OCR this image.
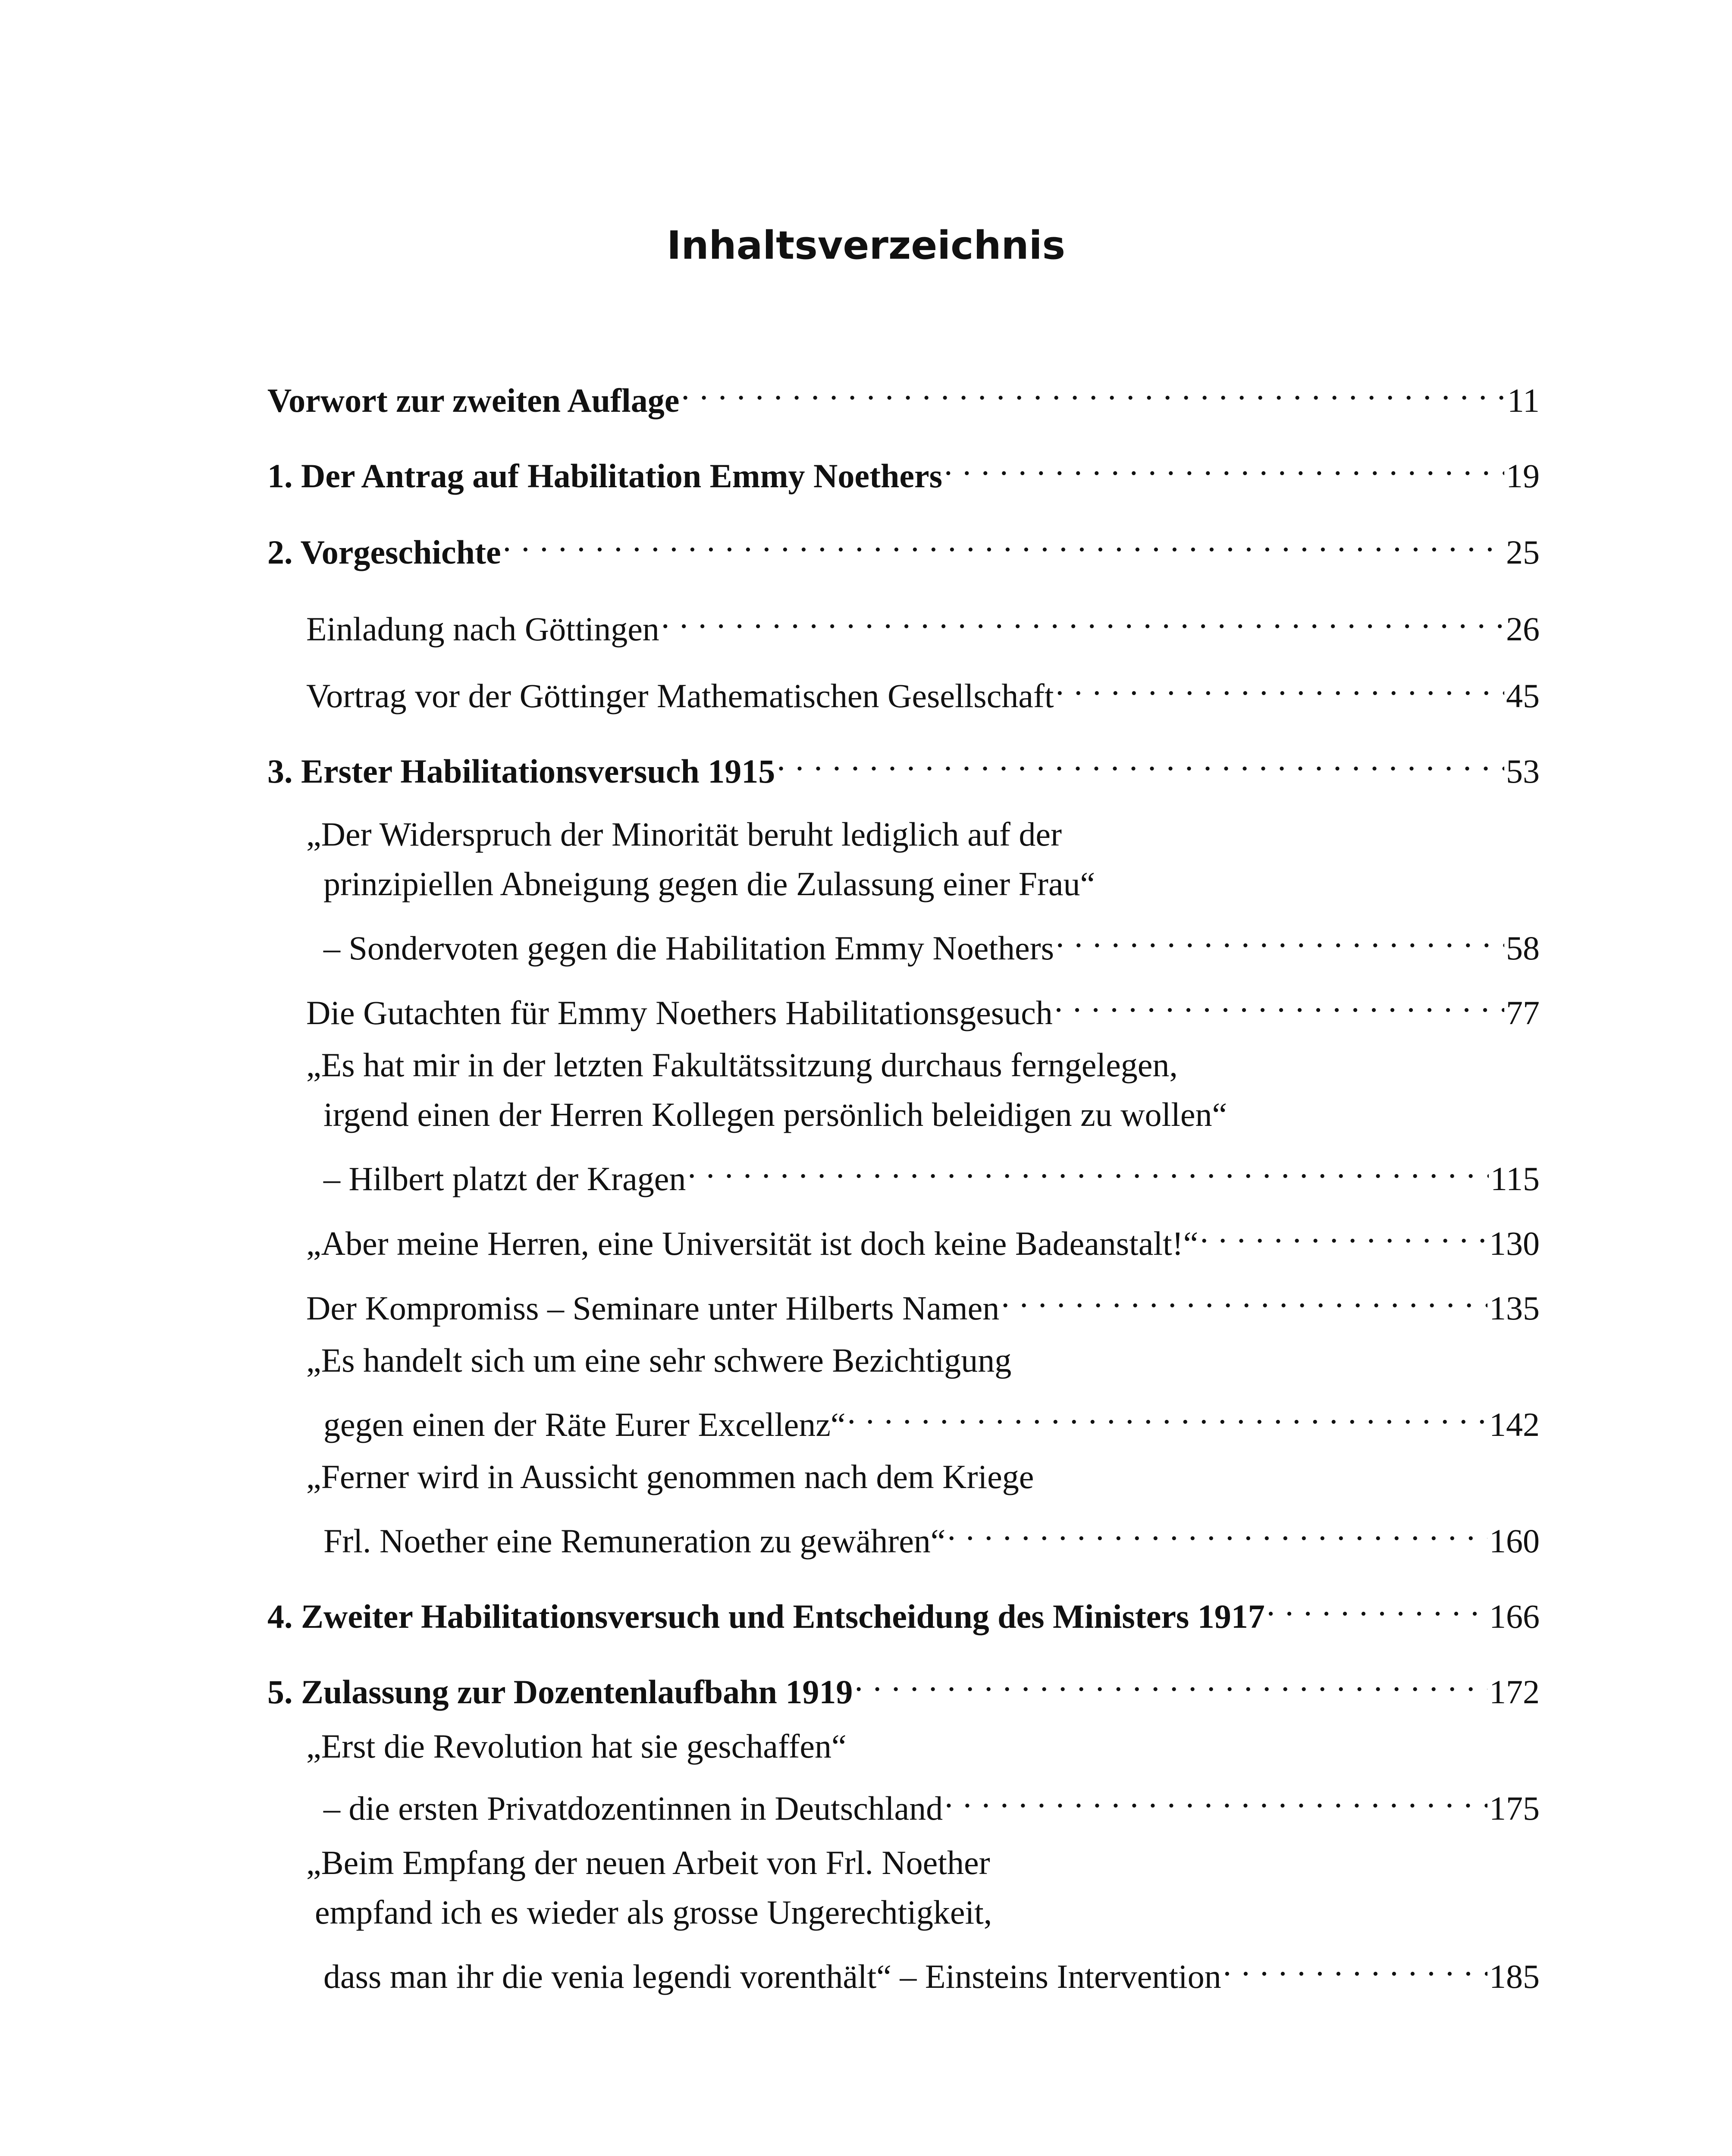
Inhaltsverzeichnis
Vorwort zur zweiten Auflage . . .	11
1. Der Antrag auf Habilitation Emmy Noethers . . .	19
2. Vorgeschichte . . .	25
Einladung nach Göttingen . . .	26
Vortrag vor der Göttinger Mathematischen Gesellschaft . . .	45
3. Erster Habilitationsversuch 1915 . . .	53
„Der Widerspruch der Minorität beruht lediglich auf der
prinzipiellen Abneigung gegen die Zulassung einer Frau“
– Sondervoten gegen die Habilitation Emmy Noethers . . .	58
Die Gutachten für Emmy Noethers Habilitationsgesuch . . .	77
„Es hat mir in der letzten Fakultätssitzung durchaus ferngelegen,
irgend einen der Herren Kollegen persönlich beleidigen zu wollen“
– Hilbert platzt der Kragen . . .	115
„Aber meine Herren, eine Universität ist doch keine Badeanstalt!“ . . .	130
Der Kompromiss – Seminare unter Hilberts Namen . . .	135
„Es handelt sich um eine sehr schwere Bezichtigung
gegen einen der Räte Eurer Excellenz“ . . .	142
„Ferner wird in Aussicht genommen nach dem Kriege
Frl. Noether eine Remuneration zu gewähren“ . . .	160
4. Zweiter Habilitationsversuch und Entscheidung des Ministers 1917 . . .	166
5. Zulassung zur Dozentenlaufbahn 1919 . . .	172
„Erst die Revolution hat sie geschaffen“
– die ersten Privatdozentinnen in Deutschland . . .	175
„Beim Empfang der neuen Arbeit von Frl. Noether
empfand ich es wieder als grosse Ungerechtigkeit,
dass man ihr die venia legendi vorenthält“ – Einsteins Intervention . . .	185
